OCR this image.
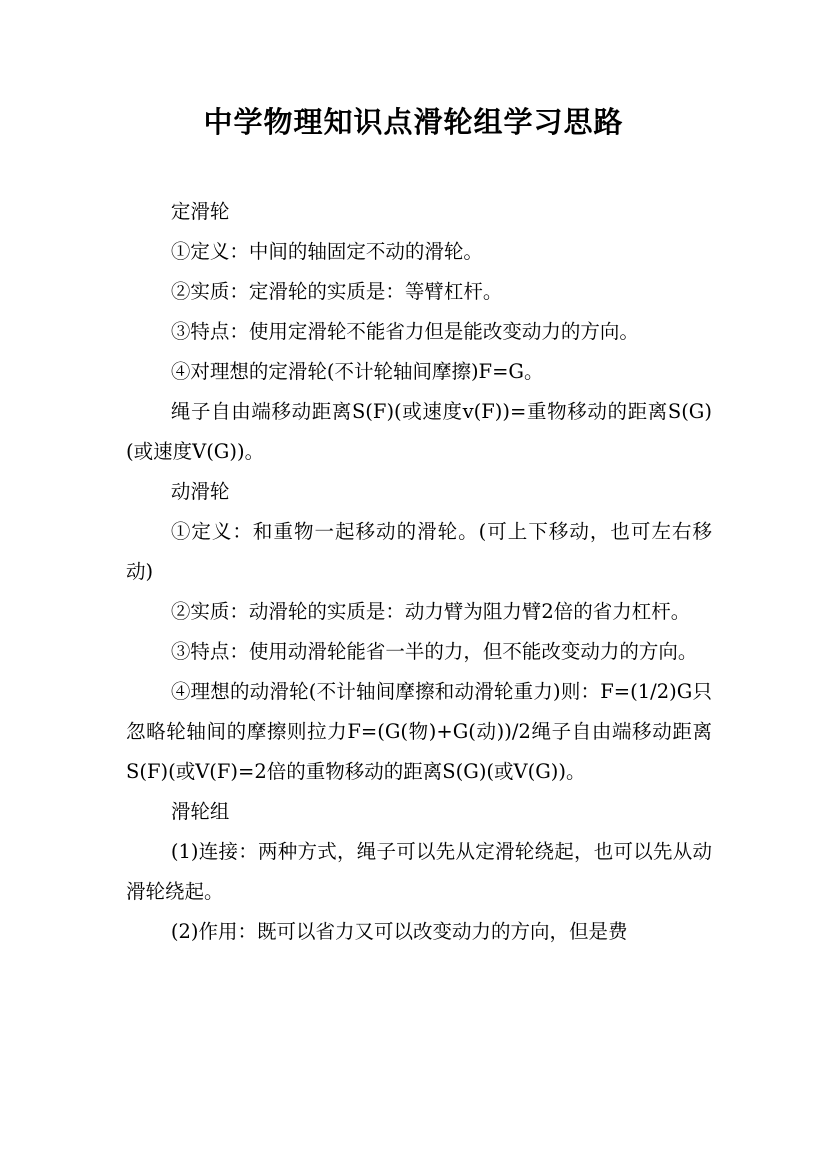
中学物理知识点滑轮组学习思路

定滑轮

①定义：中间的轴固定不动的滑轮。

②实质：定滑轮的实质是：等臂杠杆。

③特点：使用定滑轮不能省力但是能改变动力的方向。

④对理想的定滑轮(不计轮轴间摩擦)F=G。

绳子自由端移动距离S(F)(或速度v(F))=重物移动的距离S(G)(或速度V(G))。

动滑轮

①定义：和重物一起移动的滑轮。(可上下移动，也可左右移动)

②实质：动滑轮的实质是：动力臂为阻力臂2倍的省力杠杆。

③特点：使用动滑轮能省一半的力，但不能改变动力的方向。

④理想的动滑轮(不计轴间摩擦和动滑轮重力)则：F=(1/2)G只忽略轮轴间的摩擦则拉力F=(G(物)+G(动))/2绳子自由端移动距离S(F)(或V(F)=2倍的重物移动的距离S(G)(或V(G))。

滑轮组

(1)连接：两种方式，绳子可以先从定滑轮绕起，也可以先从动滑轮绕起。

(2)作用：既可以省力又可以改变动力的方向，但是费
